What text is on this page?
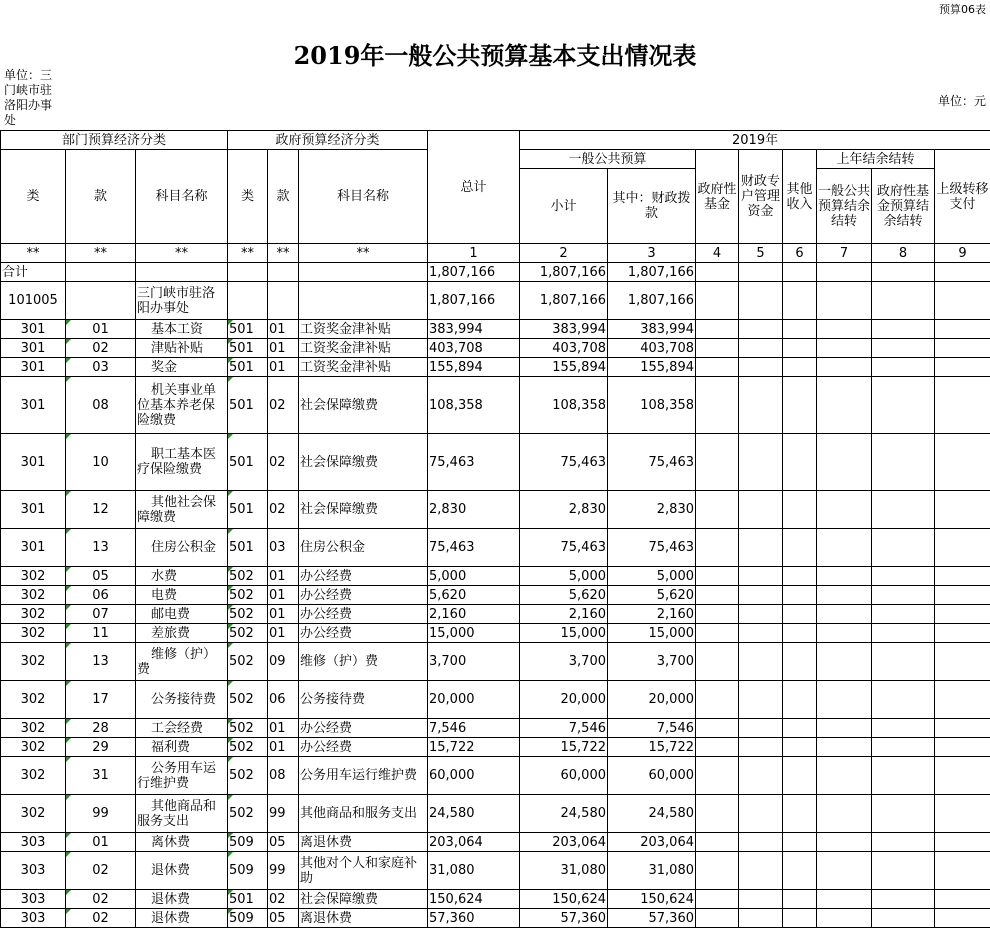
预算06表
2019年一般公共预算基本支出情况表
单位：三门峡市驻洛阳办事处
单位：元
部门预算经济分类			政府预算经济分类			总计	2019年							
类	款	科目名称	类	款	科目名称		一般公共预算		政府性基金	财政专户管理资金	其他收入	上年结余结转		上级转移支付
							小计	其中：财政拨款				一般公共预算结余结转	政府性基金预算结余结转	
**	**	**	**	**	**	1	2	3	4	5	6	7	8	9
合计						1,807,166	1,807,166	1,807,166						
101005		三门峡市驻洛阳办事处				1,807,166	1,807,166	1,807,166						
301	01	基本工资	501	01	工资奖金津补贴	383,994	383,994	383,994						
301	02	津贴补贴	501	01	工资奖金津补贴	403,708	403,708	403,708						
301	03	奖金	501	01	工资奖金津补贴	155,894	155,894	155,894						
301	08	机关事业单位基本养老保险缴费	501	02	社会保障缴费	108,358	108,358	108,358						
301	10	职工基本医疗保险缴费	501	02	社会保障缴费	75,463	75,463	75,463						
301	12	其他社会保障缴费	501	02	社会保障缴费	2,830	2,830	2,830						
301	13	住房公积金	501	03	住房公积金	75,463	75,463	75,463						
302	05	水费	502	01	办公经费	5,000	5,000	5,000						
302	06	电费	502	01	办公经费	5,620	5,620	5,620						
302	07	邮电费	502	01	办公经费	2,160	2,160	2,160						
302	11	差旅费	502	01	办公经费	15,000	15,000	15,000						
302	13	维修（护）费	502	09	维修（护）费	3,700	3,700	3,700						
302	17	公务接待费	502	06	公务接待费	20,000	20,000	20,000						
302	28	工会经费	502	01	办公经费	7,546	7,546	7,546						
302	29	福利费	502	01	办公经费	15,722	15,722	15,722						
302	31	公务用车运行维护费	502	08	公务用车运行维护费	60,000	60,000	60,000						
302	99	其他商品和服务支出	502	99	其他商品和服务支出	24,580	24,580	24,580						
303	01	离休费	509	05	离退休费	203,064	203,064	203,064						
303	02	退休费	509	99	其他对个人和家庭补助	31,080	31,080	31,080						
303	02	退休费	501	02	社会保障缴费	150,624	150,624	150,624						
303	02	退休费	509	05	离退休费	57,360	57,360	57,360						
